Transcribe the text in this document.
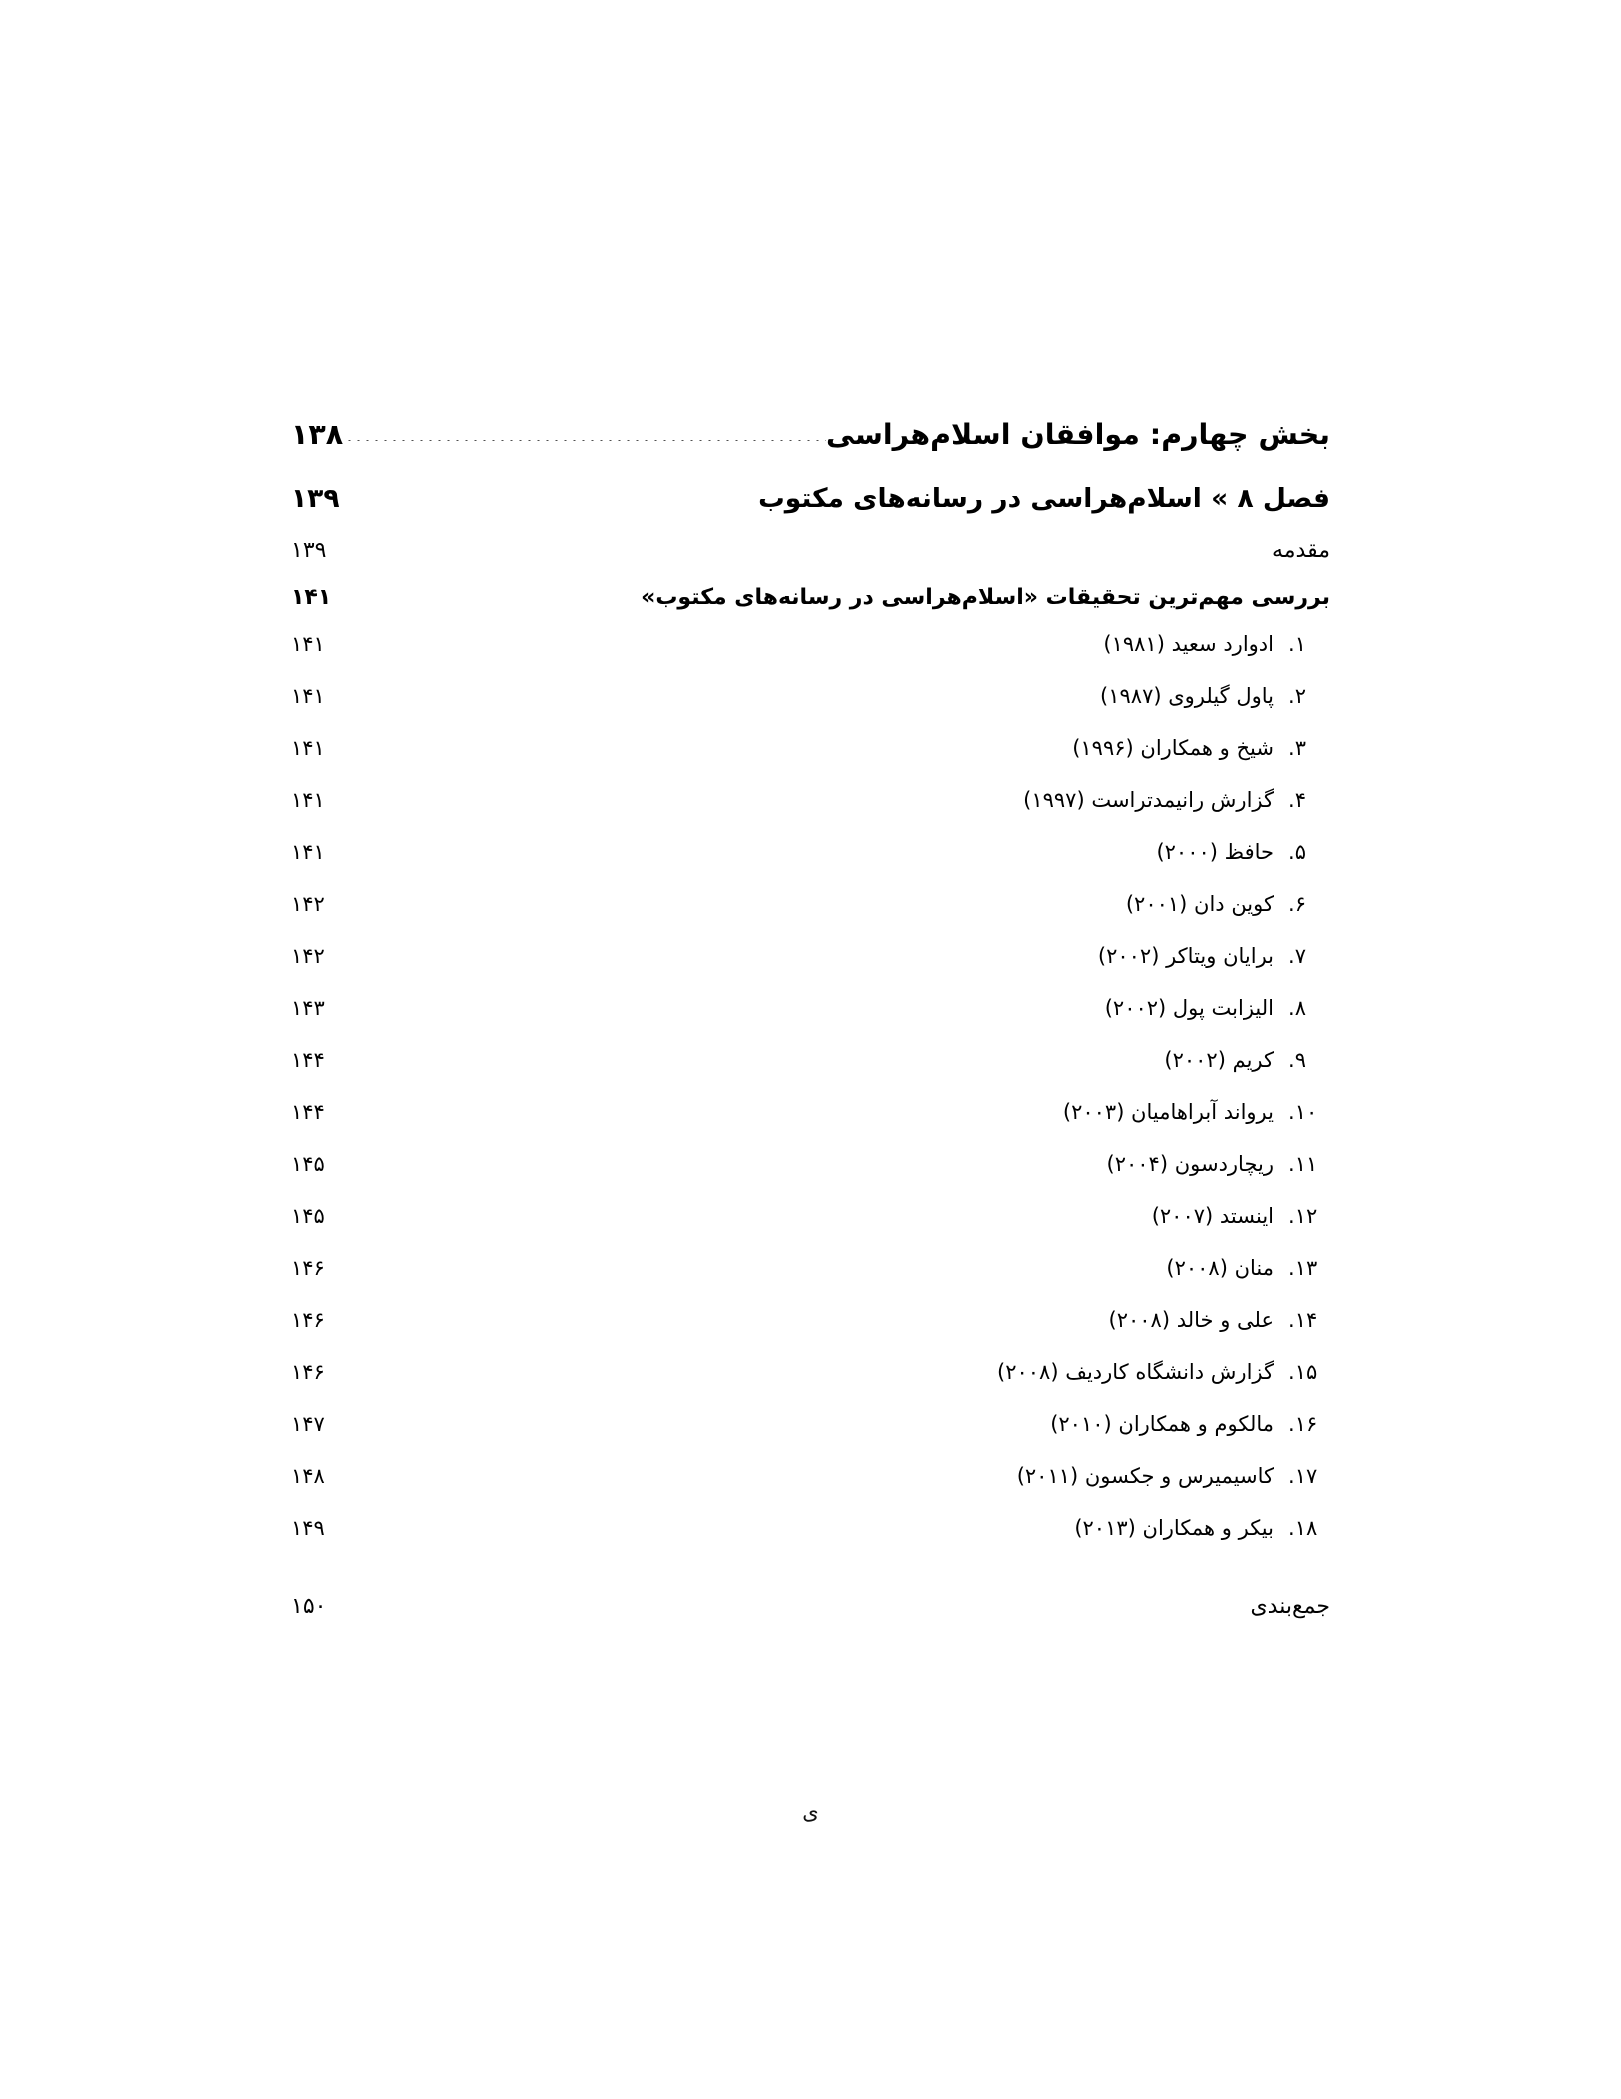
بخش چهارم: موافقان اسلام‌هراسی
۱۳۸
فصل ۸ » اسلام‌هراسی در رسانه‌های مکتوب
۱۳۹
مقدمه
۱۳۹
بررسی مهم‌ترین تحقیقات «اسلام‌هراسی در رسانه‌های مکتوب»
۱۴۱
۱.
ادوارد سعید (۱۹۸۱)
۱۴۱
۲.
پاول گیلروی (۱۹۸۷)
۱۴۱
۳.
شیخ و همکاران (۱۹۹۶)
۱۴۱
۴.
گزارش رانیمدتراست (۱۹۹۷)
۱۴۱
۵.
حافظ (۲۰۰۰)
۱۴۱
۶.
کوین دان (۲۰۰۱)
۱۴۲
۷.
برایان ویتاکر (۲۰۰۲)
۱۴۲
۸.
الیزابت پول (۲۰۰۲)
۱۴۳
۹.
کریم (۲۰۰۲)
۱۴۴
۱۰.
یرواند آبراهامیان (۲۰۰۳)
۱۴۴
۱۱.
ریچاردسون (۲۰۰۴)
۱۴۵
۱۲.
اینستد (۲۰۰۷)
۱۴۵
۱۳.
منان (۲۰۰۸)
۱۴۶
۱۴.
علی و خالد (۲۰۰۸)
۱۴۶
۱۵.
گزارش دانشگاه کاردیف (۲۰۰۸)
۱۴۶
۱۶.
مالکوم و همکاران (۲۰۱۰)
۱۴۷
۱۷.
کاسیمیرس و جکسون (۲۰۱۱)
۱۴۸
۱۸.
بیکر و همکاران (۲۰۱۳)
۱۴۹
جمع‌بندی
۱۵۰
ی
